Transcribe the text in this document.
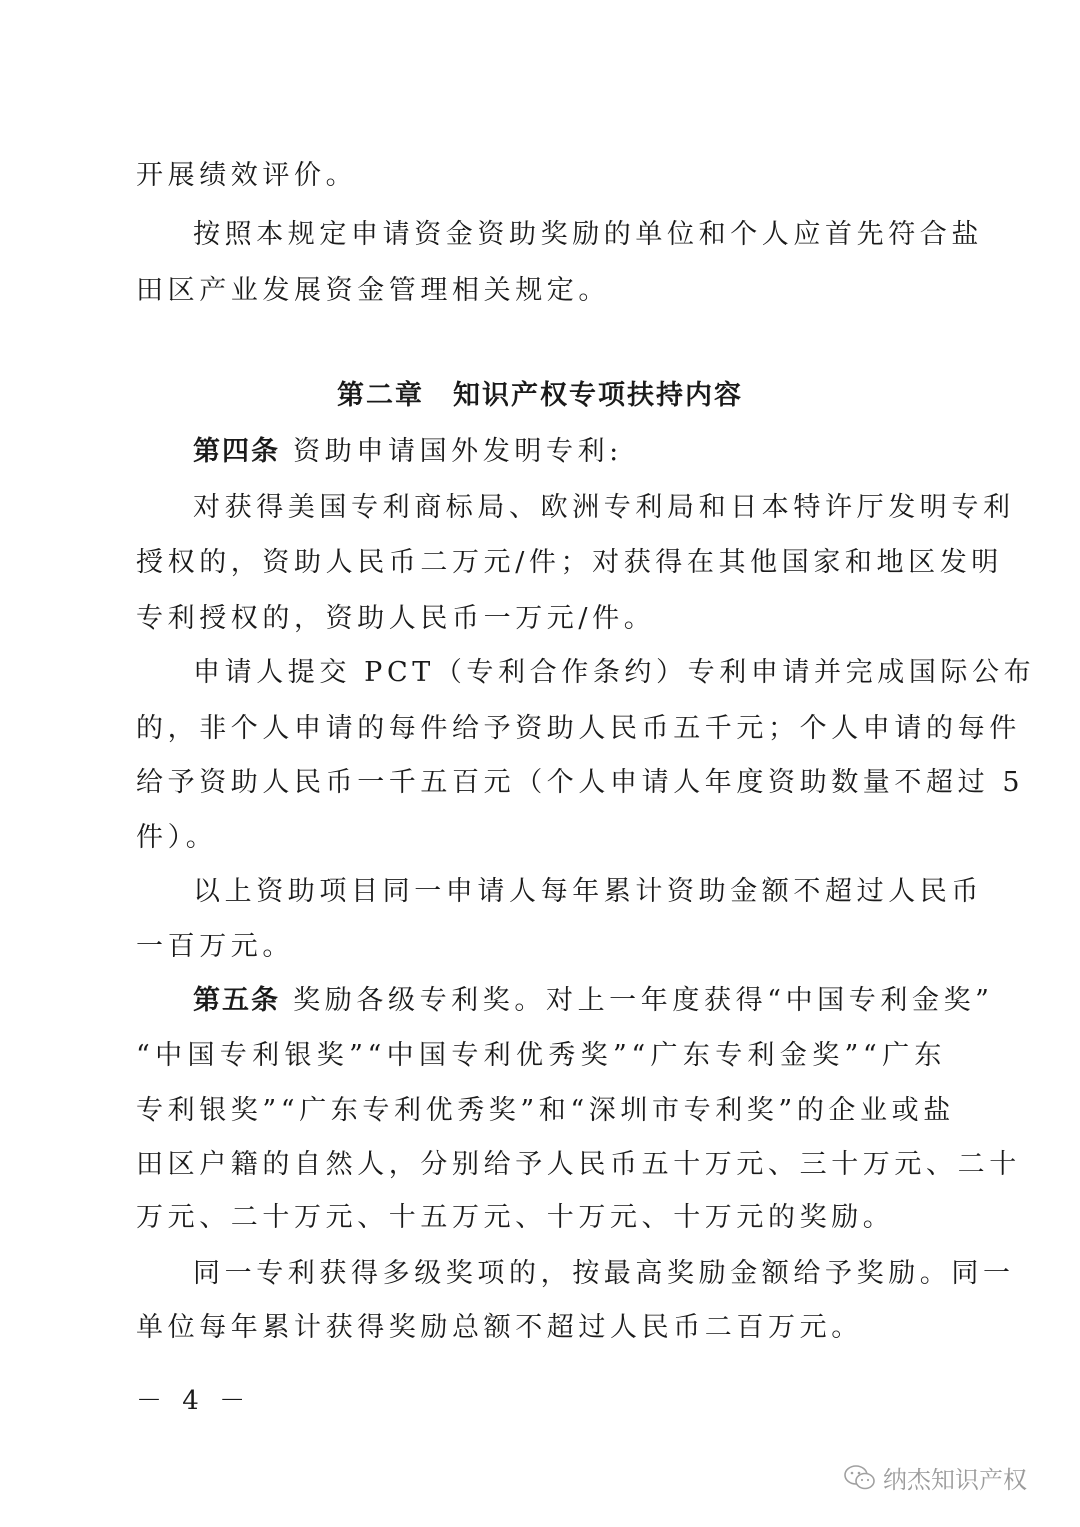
开展绩效评价。
按照本规定申请资金资助奖励的单位和个人应首先符合盐
田区产业发展资金管理相关规定。
第二章　知识产权专项扶持内容
第四条 资助申请国外发明专利:
对获得美国专利商标局、欧洲专利局和日本特许厅发明专利
授权的，资助人民币二万元/件；对获得在其他国家和地区发明
专利授权的，资助人民币一万元/件。
申请人提交 PCT（专利合作条约）专利申请并完成国际公布
的，非个人申请的每件给予资助人民币五千元；个人申请的每件
给予资助人民币一千五百元（个人申请人年度资助数量不超过 5
件）。
以上资助项目同一申请人每年累计资助金额不超过人民币
一百万元。
第五条 奖励各级专利奖。对上一年度获得“中国专利金奖”
“中国专利银奖”“中国专利优秀奖”“广东专利金奖”“广东
专利银奖”“广东专利优秀奖”和“深圳市专利奖”的企业或盐
田区户籍的自然人，分别给予人民币五十万元、三十万元、二十
万元、二十万元、十五万元、十万元、十万元的奖励。
同一专利获得多级奖项的，按最高奖励金额给予奖励。同一
单位每年累计获得奖励总额不超过人民币二百万元。
－ 4 －
纳杰知识产权
